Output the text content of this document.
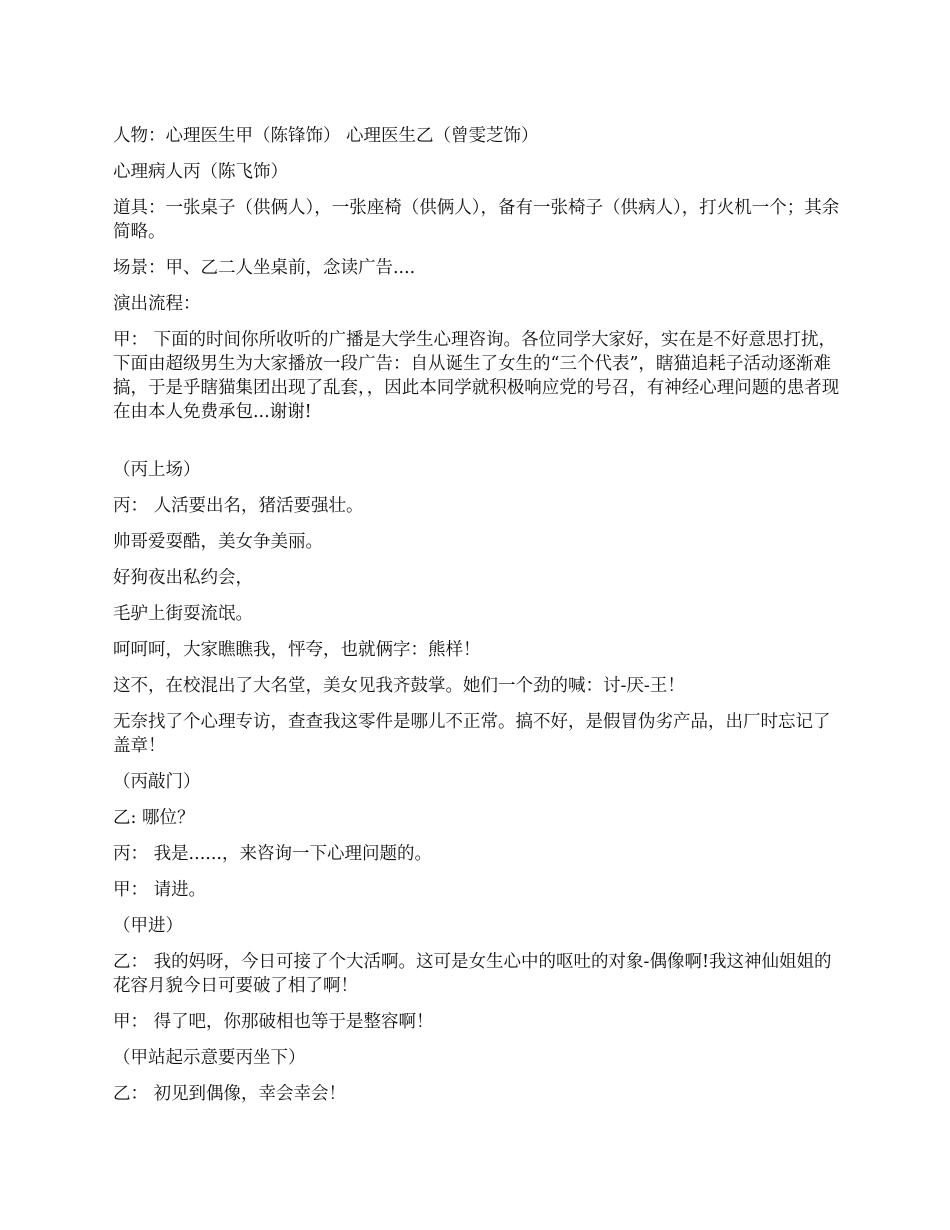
人物：心理医生甲（陈锋饰） 心理医生乙（曾雯芝饰）

心理病人丙（陈飞饰）

道具：一张桌子（供俩人），一张座椅（供俩人），备有一张椅子（供病人），打火机一个；其余简略。

场景：甲、乙二人坐桌前，念读广告....

演出流程：

甲： 下面的时间你所收听的广播是大学生心理咨询。各位同学大家好，实在是不好意思打扰，下面由超级男生为大家播放一段广告：自从诞生了女生的“三个代表”，瞎猫追耗子活动逐渐难搞，于是乎瞎猫集团出现了乱套，，因此本同学就积极响应党的号召，有神经心理问题的患者现在由本人免费承包...谢谢!

（丙上场）

丙： 人活要出名，猪活要强壮。

帅哥爱耍酷，美女争美丽。

好狗夜出私约会，

毛驴上街耍流氓。

呵呵呵，大家瞧瞧我，怦夸，也就俩字：熊样！

这不，在校混出了大名堂，美女见我齐鼓掌。她们一个劲的喊：讨-厌-王！

无奈找了个心理专访，查查我这零件是哪儿不正常。搞不好，是假冒伪劣产品，出厂时忘记了盖章！

（丙敲门）

乙: 哪位？

丙： 我是......，来咨询一下心理问题的。

甲： 请进。

（甲进）

乙： 我的妈呀，今日可接了个大活啊。这可是女生心中的呕吐的对象-偶像啊!我这神仙姐姐的花容月貌今日可要破了相了啊！

甲： 得了吧，你那破相也等于是整容啊！

（甲站起示意要丙坐下）

乙： 初见到偶像，幸会幸会！
